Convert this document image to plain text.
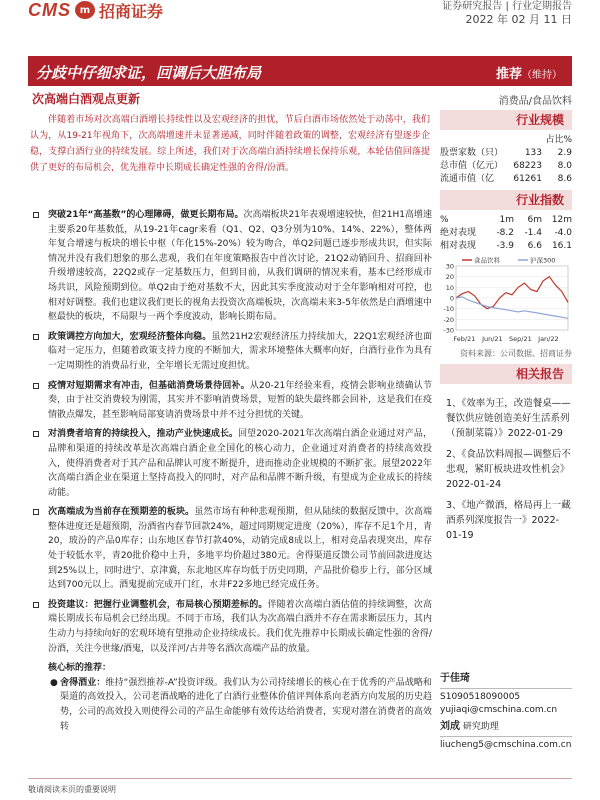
CMS m 招商证券	证券研究报告 | 行业定期报告
2022 年 02 月 11 日
分歧中仔细求证，回调后大胆布局	推荐（维持）
次高端白酒观点更新	消费品/食品饮料
伴随着市场对次高端白酒增长持续性以及宏观经济的担忧，节后白酒市场依然处于动荡中，我们认为，从19-21年视角下，次高端增速并未显著递减，同时伴随着政策的调整，宏观经济有望逐步企稳，支撑白酒行业的持续发展。综上所述，我们对于次高端白酒持续增长保持乐观，本轮估值回落提供了更好的布局机会，优先推荐中长期成长确定性强的舍得/汾酒。
突破21年“高基数”的心理障碍，做更长期布局。次高端板块21年表观增速较快，但21H1高增速主要系20年基数低，从19-21年cagr来看（Q1、Q2、Q3分别为10%、14%、22%），整体两年复合增速与板块的增长中枢（年化15%-20%）较为吻合，单Q2问题已逐步形成共识，但实际情况并没有我们想象的那么悲观，我们在年度策略报告中首次讨论，21Q2动销回升、招商回补升级增速较高，22Q2或存一定基数压力，但到目前，从我们调研的情况来看，基本已经形成市场共识，风险预期到位。单Q2由于绝对基数不大，因此其实季度波动对于全年影响相对可控，也相对好调整。我们也建议我们更长的视角去投资次高端板块，次高端未来3-5年依然是白酒增速中枢最快的板块，不局限与一两个季度波动，影响长期布局。
政策调控方向加大，宏观经济整体向稳。虽然21H2宏观经济压力持续加大，22Q1宏观经济也面临对一定压力，但随着政策支持力度的不断加大，需求环境整体大概率向好，白酒行业作为具有一定周期性的消费品行业，全年增长无需过度担忧。
疫情对短期需求有冲击，但基础消费场景待回补。从20-21年经验来看，疫情会影响业绩确认节奏，由于社交消费较为刚需，其实并不影响消费场景，短暂的缺失最终都会回补，这是我们在疫情散点爆发，甚至影响局部宴请消费场景中并不过分担忧的关键。
对消费者培育的持续投入，推动产业快速成长。回望2020-2021年次高端白酒企业通过对产品，品牌和渠道的持续改革是次高端白酒企业全国化的核心动力，企业通过对消费者的持续高效投入，使得消费者对于其产品和品牌认可度不断提升，进而推动企业规模的不断扩张。展望2022年次高端白酒企业在渠道上坚持高投入的同时，对产品和品牌不断升级，有望成为企业成长的持续动能。
次高端成为当前存在预期差的板块。虽然市场有种种悲观预期，但从陆续的数据反馈中，次高端整体进度还是超预期，汾酒省内春节回款24%，超过同期规定进度（20%），库存不足1个月，青20，玻汾的产品0库存；山东地区春节打款40%，动销完成8成以上，相对竞品表现突出，库存处于较低水平，青20批价稳中上升，多地平均价超过380元。舍得渠道反馈公司节前回款进度达到25%以上，同时进宁、京津冀，东北地区库存均低于历史同期，产品批价稳步上行，部分区域达到700元以上。酒鬼提前完成开门红，水井F22多地已经完成任务。
投资建议：把握行业调整机会，布局核心预期差标的。伴随着次高端白酒估值的持续调整，次高端长期成长布局机会已经出现。不同于市场，我们认为次高端白酒并不存在需求断层压力，其内生动力与持续向好的宏观环境有望推动企业持续成长。我们优先推荐中长期成长确定性强的舍得/汾酒，关注今世缘/酒鬼，以及洋河/古井等名酒次高端产品的放量。
核心标的推荐：
● 舍得酒业：维持“强烈推荐-A”投资评级。我们认为公司持续增长的核心在于优秀的产品战略和渠道的高效投入，公司老酒战略的进化了白酒行业整体价值评判体系向老酒方向发展的历史趋势，公司的高效投入则使得公司的产品生命能够有效传达给消费者，实现对潜在消费者的高效转
行业规模
占比%
股票家数（只）	133	2.9
总市值（亿元）	68223	8.0
流通市值（亿	61261	8.6
行业指数
%	1m	6m	12m
绝对表现	-8.2	-1.4	-4.0
相对表现	-3.9	6.6	16.1
30
20
10
0
-10
-20
-30
Feb/21 Jun/21 Sep/21 Jan/22
食品饮料	沪深300
资料来源：公司数据、招商证券
相关报告
1、《效率为王，改造餐桌——餐饮供应链创造美好生活系列（预制菜篇）》2022-01-29
2、《食品饮料周报—调整后不悲观，紧盯板块进攻性机会》2022-01-24
3、《地产微酒，格局再上一藏酒系列深度报告一》2022-01-19
于佳琦
S1090518090005
yujiaqi@cmschina.com.cn
刘成 研究助理
liucheng5@cmschina.com.cn
敬请阅读末页的重要说明
